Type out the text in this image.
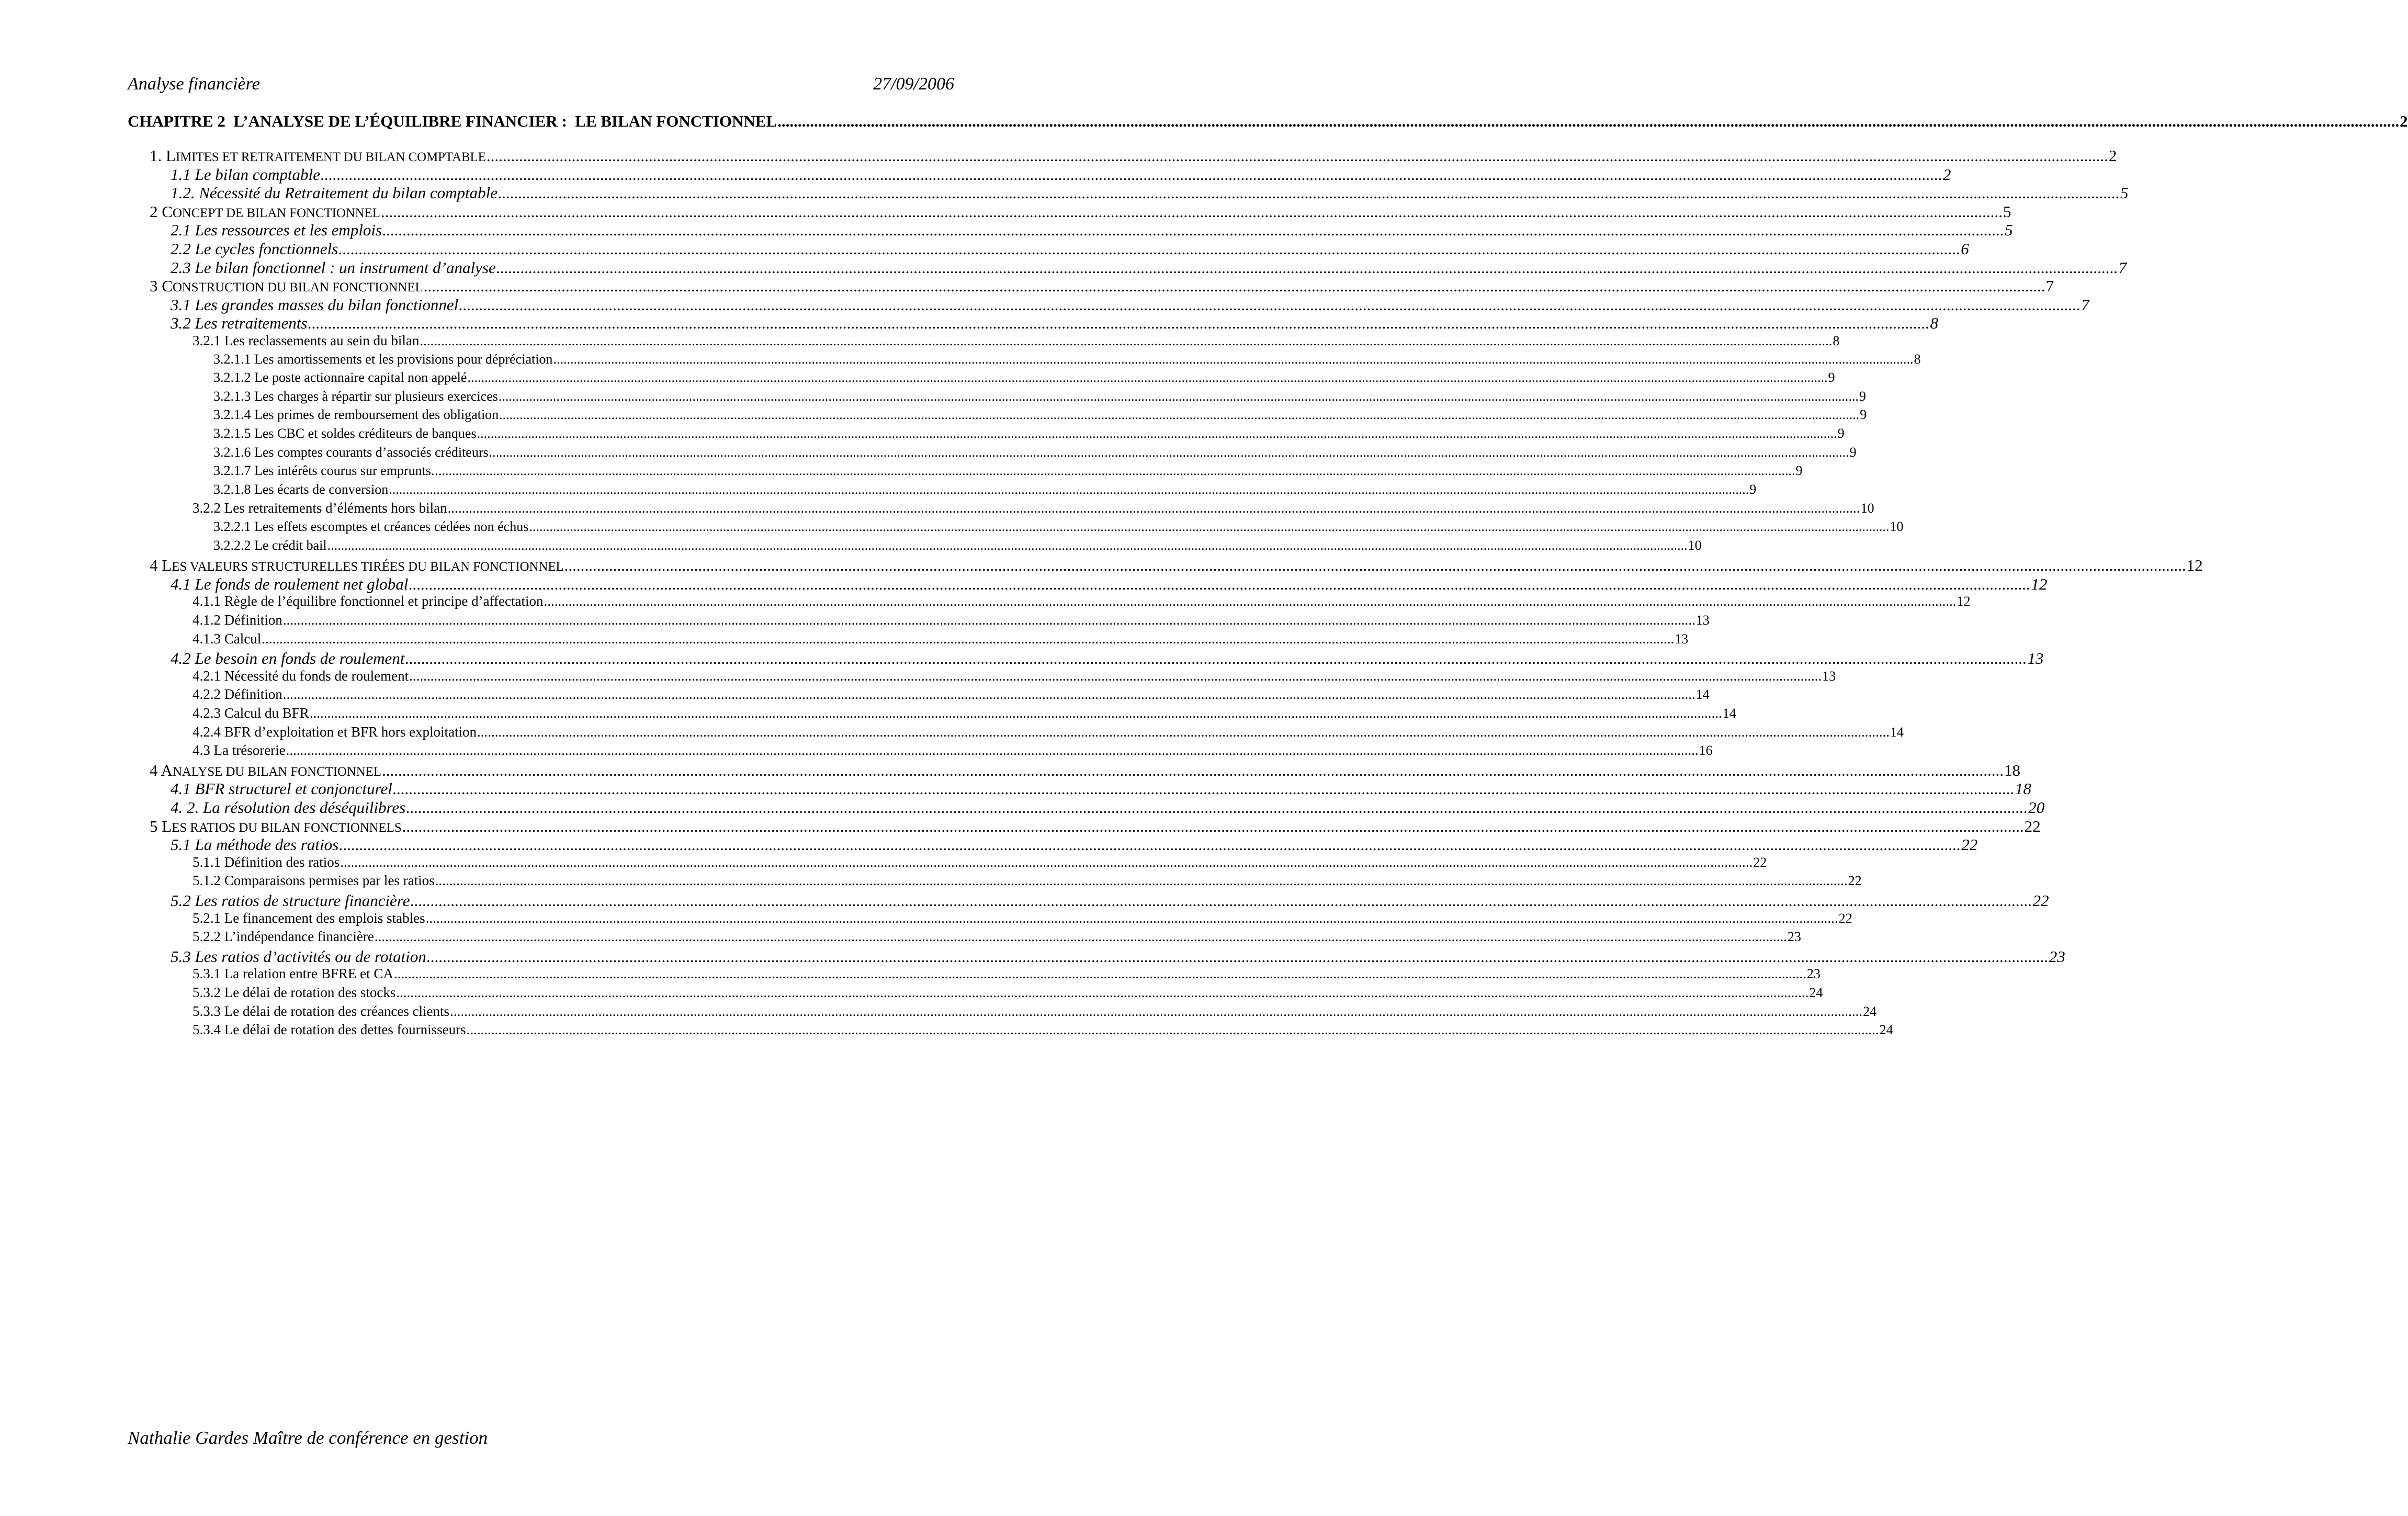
Analyse financière	27/09/2006
CHAPITRE 2  L’ANALYSE DE L’ÉQUILIBRE FINANCIER :  LE BILAN FONCTIONNEL ................................................................................................................................................................................................................................................................................................................................................................................................................ 2
1. LIMITES ET RETRAITEMENT DU BILAN COMPTABLE ................................................................................................................................................................................................................................................................................................................................................................................................................ 2
1.1 Le bilan comptable ................................................................................................................................................................................................................................................................................................................................................................................................................ 2
1.2. Nécessité du Retraitement du bilan comptable ................................................................................................................................................................................................................................................................................................................................................................................................................ 5
2 CONCEPT DE BILAN FONCTIONNEL ................................................................................................................................................................................................................................................................................................................................................................................................................ 5
2.1 Les ressources et les emplois ................................................................................................................................................................................................................................................................................................................................................................................................................ 5
2.2 Le cycles fonctionnels ................................................................................................................................................................................................................................................................................................................................................................................................................ 6
2.3 Le bilan fonctionnel : un instrument d’analyse ................................................................................................................................................................................................................................................................................................................................................................................................................ 7
3 CONSTRUCTION DU BILAN FONCTIONNEL ................................................................................................................................................................................................................................................................................................................................................................................................................ 7
3.1 Les grandes masses du bilan fonctionnel ................................................................................................................................................................................................................................................................................................................................................................................................................ 7
3.2 Les retraitements ................................................................................................................................................................................................................................................................................................................................................................................................................ 8
3.2.1 Les reclassements au sein du bilan ................................................................................................................................................................................................................................................................................................................................................................................................................ 8
3.2.1.1 Les amortissements et les provisions pour dépréciation ................................................................................................................................................................................................................................................................................................................................................................................................................ 8
3.2.1.2 Le poste actionnaire capital non appelé ................................................................................................................................................................................................................................................................................................................................................................................................................ 9
3.2.1.3 Les charges à répartir sur plusieurs exercices ................................................................................................................................................................................................................................................................................................................................................................................................................ 9
3.2.1.4 Les primes de remboursement des obligation ................................................................................................................................................................................................................................................................................................................................................................................................................ 9
3.2.1.5 Les CBC et soldes créditeurs de banques ................................................................................................................................................................................................................................................................................................................................................................................................................ 9
3.2.1.6 Les comptes courants d’associés créditeurs ................................................................................................................................................................................................................................................................................................................................................................................................................ 9
3.2.1.7 Les intérêts courus sur emprunts. ................................................................................................................................................................................................................................................................................................................................................................................................................ 9
3.2.1.8 Les écarts de conversion ................................................................................................................................................................................................................................................................................................................................................................................................................ 9
3.2.2 Les retraitements d’éléments hors bilan ................................................................................................................................................................................................................................................................................................................................................................................................................ 10
3.2.2.1 Les effets escomptes et créances cédées non échus ................................................................................................................................................................................................................................................................................................................................................................................................................ 10
3.2.2.2 Le crédit bail ................................................................................................................................................................................................................................................................................................................................................................................................................ 10
4 LES VALEURS STRUCTURELLES TIRÉES DU BILAN FONCTIONNEL ................................................................................................................................................................................................................................................................................................................................................................................................................ 12
4.1 Le fonds de roulement net global ................................................................................................................................................................................................................................................................................................................................................................................................................ 12
4.1.1 Règle de l’équilibre fonctionnel et principe d’affectation ................................................................................................................................................................................................................................................................................................................................................................................................................ 12
4.1.2 Définition ................................................................................................................................................................................................................................................................................................................................................................................................................ 13
4.1.3 Calcul ................................................................................................................................................................................................................................................................................................................................................................................................................ 13
4.2 Le besoin en fonds de roulement ................................................................................................................................................................................................................................................................................................................................................................................................................ 13
4.2.1 Nécessité du fonds de roulement ................................................................................................................................................................................................................................................................................................................................................................................................................ 13
4.2.2 Définition ................................................................................................................................................................................................................................................................................................................................................................................................................ 14
4.2.3 Calcul du BFR ................................................................................................................................................................................................................................................................................................................................................................................................................ 14
4.2.4 BFR d’exploitation et BFR hors exploitation ................................................................................................................................................................................................................................................................................................................................................................................................................ 14
4.3 La trésorerie ................................................................................................................................................................................................................................................................................................................................................................................................................ 16
4 ANALYSE DU BILAN FONCTIONNEL ................................................................................................................................................................................................................................................................................................................................................................................................................ 18
4.1 BFR structurel et conjoncturel ................................................................................................................................................................................................................................................................................................................................................................................................................ 18
4. 2. La résolution des déséquilibres ................................................................................................................................................................................................................................................................................................................................................................................................................ 20
5 LES RATIOS DU BILAN FONCTIONNELS ................................................................................................................................................................................................................................................................................................................................................................................................................ 22
5.1 La méthode des ratios ................................................................................................................................................................................................................................................................................................................................................................................................................ 22
5.1.1 Définition des ratios ................................................................................................................................................................................................................................................................................................................................................................................................................ 22
5.1.2 Comparaisons permises par les ratios ................................................................................................................................................................................................................................................................................................................................................................................................................ 22
5.2 Les ratios de structure financière ................................................................................................................................................................................................................................................................................................................................................................................................................ 22
5.2.1 Le financement des emplois stables ................................................................................................................................................................................................................................................................................................................................................................................................................ 22
5.2.2 L’indépendance financière ................................................................................................................................................................................................................................................................................................................................................................................................................ 23
5.3 Les ratios d’activités ou de rotation ................................................................................................................................................................................................................................................................................................................................................................................................................ 23
5.3.1 La relation entre BFRE et CA ................................................................................................................................................................................................................................................................................................................................................................................................................ 23
5.3.2 Le délai de rotation des stocks ................................................................................................................................................................................................................................................................................................................................................................................................................ 24
5.3.3 Le délai de rotation des créances clients ................................................................................................................................................................................................................................................................................................................................................................................................................ 24
5.3.4 Le délai de rotation des dettes fournisseurs ................................................................................................................................................................................................................................................................................................................................................................................................................ 24
Nathalie Gardes Maître de conférence en gestion
